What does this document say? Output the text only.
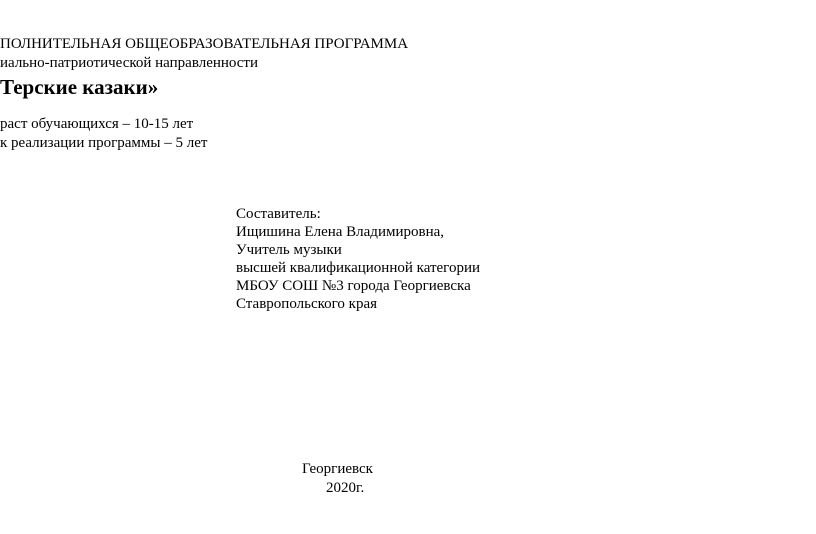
ПОЛНИТЕЛЬНАЯ ОБЩЕОБРАЗОВАТЕЛЬНАЯ ПРОГРАММА
иально-патриотической направленности
Терские казаки»
раст обучающихся – 10-15 лет
к реализации программы – 5 лет
Составитель:
Ищишина Елена Владимировна,
Учитель музыки
высшей квалификационной категории
МБОУ СОШ №3 города Георгиевска
Ставропольского края
Георгиевск
2020г.
